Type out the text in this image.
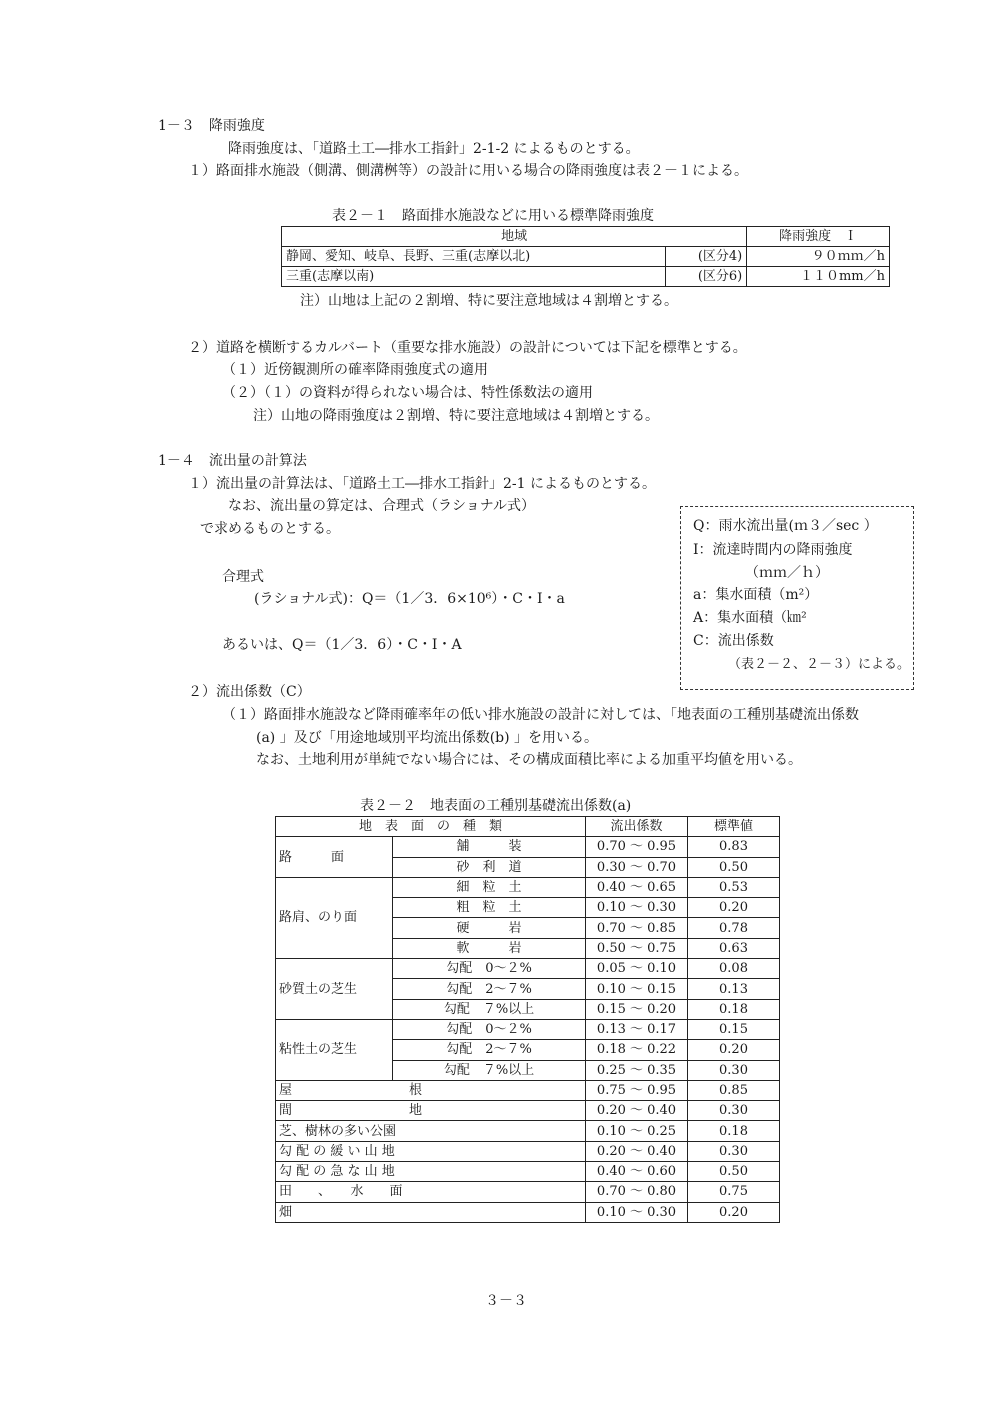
1－３　降雨強度
降雨強度は、「道路土工―排水工指針」2-1-2 によるものとする。
１）路面排水施設（側溝、側溝桝等）の設計に用いる場合の降雨強度は表２－１による。
表２－１　路面排水施設などに用いる標準降雨強度
地域		降雨強度　Ｉ
静岡、愛知、岐阜、長野、三重(志摩以北)	(区分4)	９０ｍｍ／h
三重(志摩以南)	(区分6)	１１０mm／h
注）山地は上記の２割増、特に要注意地域は４割増とする。
２）道路を横断するカルバート（重要な排水施設）の設計については下記を標準とする。
（１）近傍観測所の確率降雨強度式の適用
（２）（１）の資料が得られない場合は、特性係数法の適用
注）山地の降雨強度は２割増、特に要注意地域は４割増とする。
1－４　流出量の計算法
１）流出量の計算法は、「道路土工―排水工指針」2-1 によるものとする。
なお、流出量の算定は、合理式（ラショナル式）
で求めるものとする。
合理式
(ラショナル式)：Q＝（1／3．6×10⁶）・C・I・a
あるいは、Q＝（1／3．6）・C・I・A
Q：雨水流出量(ｍ３／sec ）
I：流達時間内の降雨強度
（ｍｍ／ｈ）
a：集水面積（m²）
A：集水面積（㎞²
C：流出係数
（表２－２、２－３）による。
２）流出係数（C）
（１）路面排水施設など降雨確率年の低い排水施設の設計に対しては、「地表面の工種別基礎流出係数
(a) 」及び「用途地域別平均流出係数(b) 」を用いる。
なお、土地利用が単純でない場合には、その構成面積比率による加重平均値を用いる。
表２－２　地表面の工種別基礎流出係数(a)
地　表　面　の　種　類		流出係数	標準値
路　　　面	舗　　　装	0.70 ～ 0.95	0.83
	砂　利　道	0.30 ～ 0.70	0.50
路肩、のり面	細　粒　土	0.40 ～ 0.65	0.53
	粗　粒　土	0.10 ～ 0.30	0.20
	硬　　　岩	0.70 ～ 0.85	0.78
	軟　　　岩	0.50 ～ 0.75	0.63
砂質土の芝生	勾配　0～２%	0.05 ～ 0.10	0.08
	勾配　2～７%	0.10 ～ 0.15	0.13
	勾配　７%以上	0.15 ～ 0.20	0.18
粘性土の芝生	勾配　0～２%	0.13 ～ 0.17	0.15
	勾配　2～７%	0.18 ～ 0.22	0.20
	勾配　７%以上	0.25 ～ 0.35	0.30
屋　　　　　　　　　根		0.75 ～ 0.95	0.85
間　　　　　　　　　地		0.20 ～ 0.40	0.30
芝、樹林の多い公園		0.10 ～ 0.25	0.18
勾 配 の 緩 い 山 地		0.20 ～ 0.40	0.30
勾 配 の 急 な 山 地		0.40 ～ 0.60	0.50
田　　、　　水　　面		0.70 ～ 0.80	0.75
畑		0.10 ～ 0.30	0.20
３－３
